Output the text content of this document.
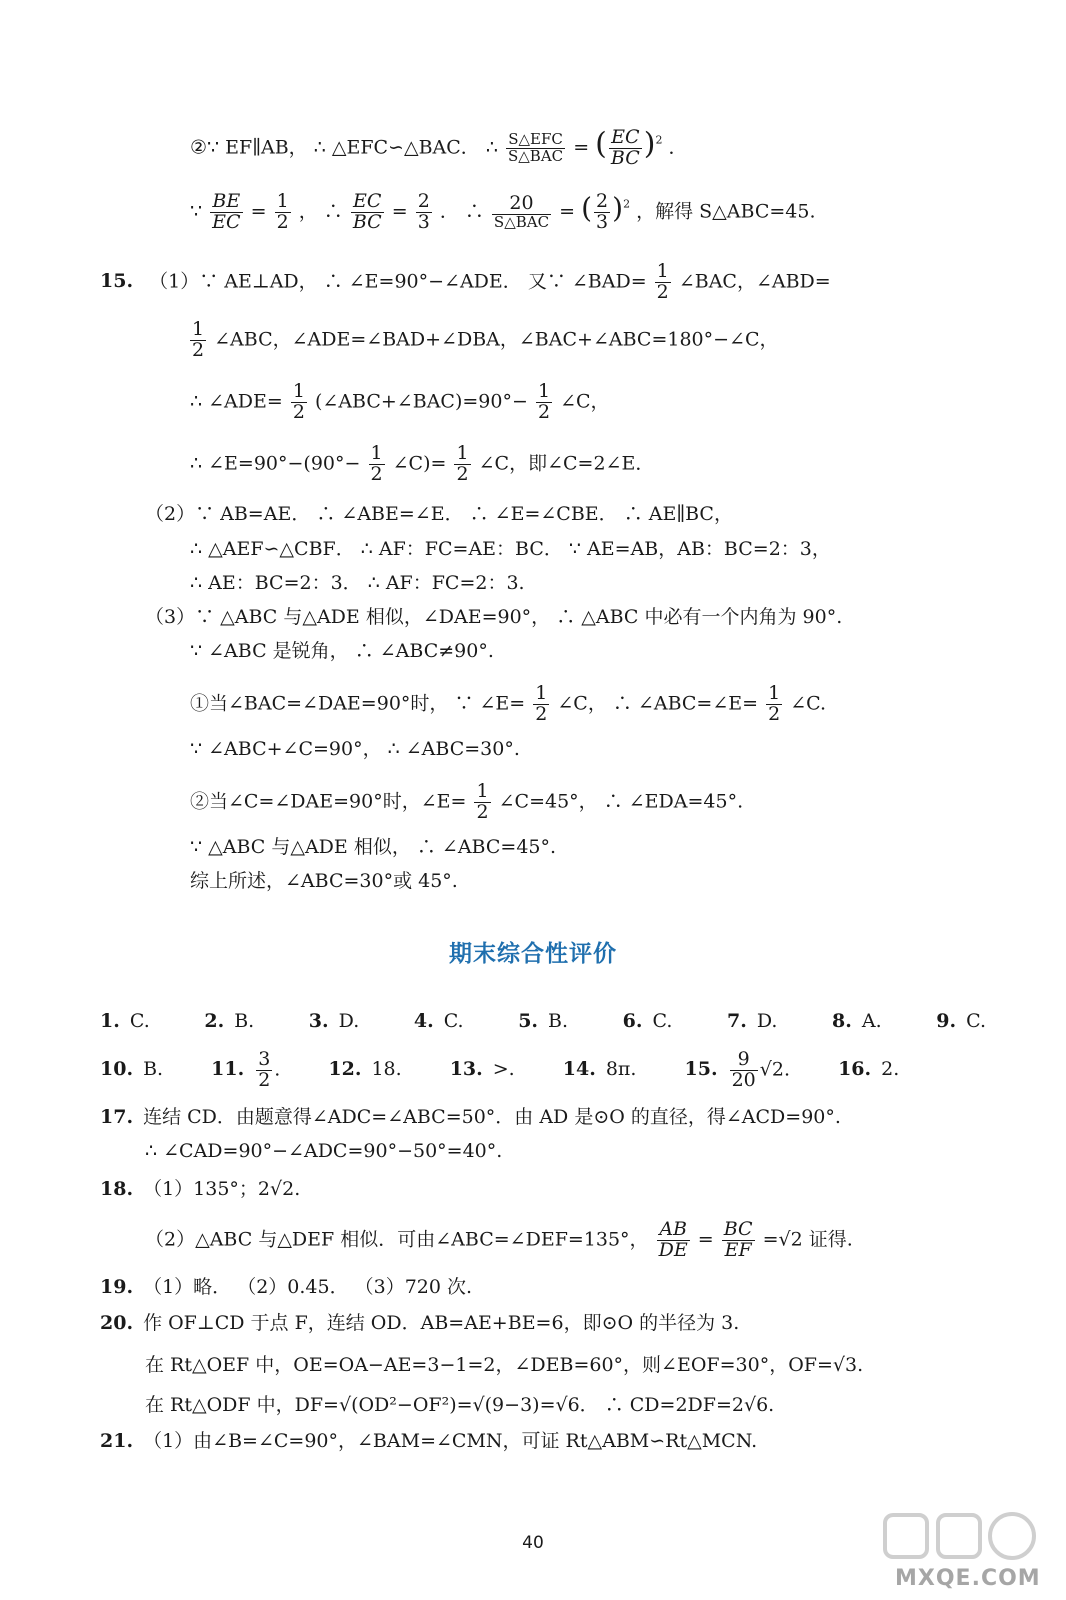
②∵ EF∥AB， ∴ △EFC∽△BAC． ∴ $\frac{\text{S△EFC}}{\text{S△BAC}}$ = ( $\frac{EC}{BC} )^2$ ．
∵ $\frac{BE}{EC} = \frac{1}{2}$ ， ∴ $\frac{EC}{BC} = \frac{2}{3}$ ． ∴ $\frac{20}{\text{S△BAC}}$ = ( $\frac{2}{3} )^2$ ，解得 S△ABC=45.
15. （1）∵ AE⊥AD， ∴ ∠E=90°−∠ADE． 又∵ ∠BAD= $\frac{1}{2}$ ∠BAC，∠ABD=
$\frac{1}{2}$ ∠ABC，∠ADE=∠BAD+∠DBA，∠BAC+∠ABC=180°−∠C，
∴ ∠ADE= $\frac{1}{2}$ (∠ABC+∠BAC)=90°− $\frac{1}{2}$ ∠C，
∴ ∠E=90°−(90°− $\frac{1}{2}$ ∠C)= $\frac{1}{2}$ ∠C，即∠C=2∠E．
（2）∵ AB=AE． ∴ ∠ABE=∠E． ∴ ∠E=∠CBE． ∴ AE∥BC，
∴ △AEF∽△CBF． ∴ AF：FC=AE：BC． ∵ AE=AB，AB：BC=2：3，
∴ AE：BC=2：3． ∴ AF：FC=2：3.
（3）∵ △ABC 与△ADE 相似，∠DAE=90°， ∴ △ABC 中必有一个内角为 90°.
∵ ∠ABC 是锐角， ∴ ∠ABC≠90°.
①当∠BAC=∠DAE=90°时， ∵ ∠E= $\frac{1}{2}$ ∠C， ∴ ∠ABC=∠E= $\frac{1}{2}$ ∠C.
∵ ∠ABC+∠C=90°， ∴ ∠ABC=30°.
②当∠C=∠DAE=90°时，∠E= $\frac{1}{2}$ ∠C=45°， ∴ ∠EDA=45°.
∵ △ABC 与△ADE 相似， ∴ ∠ABC=45°.
综上所述，∠ABC=30°或 45°.
期末综合性评价
1. C.	2. B.	3. D.	4. C.	5. B.	6. C.	7. D.	8. A.	9. C.
10. B.	11. $\frac{3}{2}$ .	12. 18.	13. >.	14. 8π.	15. $\frac{9}{20} √2$.	16. 2.
17. 连结 CD．由题意得∠ADC=∠ABC=50°．由 AD 是⊙O 的直径，得∠ACD=90°.
∴ ∠CAD=90°−∠ADC=90°−50°=40°.
18. （1）135°；2√2.
（2）△ABC 与△DEF 相似．可由∠ABC=∠DEF=135°， $\frac{AB}{DE} = \frac{BC}{EF} =√2$ 证得.
19. （1）略． （2）0.45． （3）720 次.
20. 作 OF⊥CD 于点 F，连结 OD．AB=AE+BE=6，即⊙O 的半径为 3.
在 Rt△OEF 中，OE=OA−AE=3−1=2，∠DEB=60°，则∠EOF=30°，OF=√3.
在 Rt△ODF 中，DF=√(OD²−OF²)=√(9−3)=√6． ∴ CD=2DF=2√6.
21. （1）由∠B=∠C=90°，∠BAM=∠CMN，可证 Rt△ABM∽Rt△MCN.
40
MXQE.COM
